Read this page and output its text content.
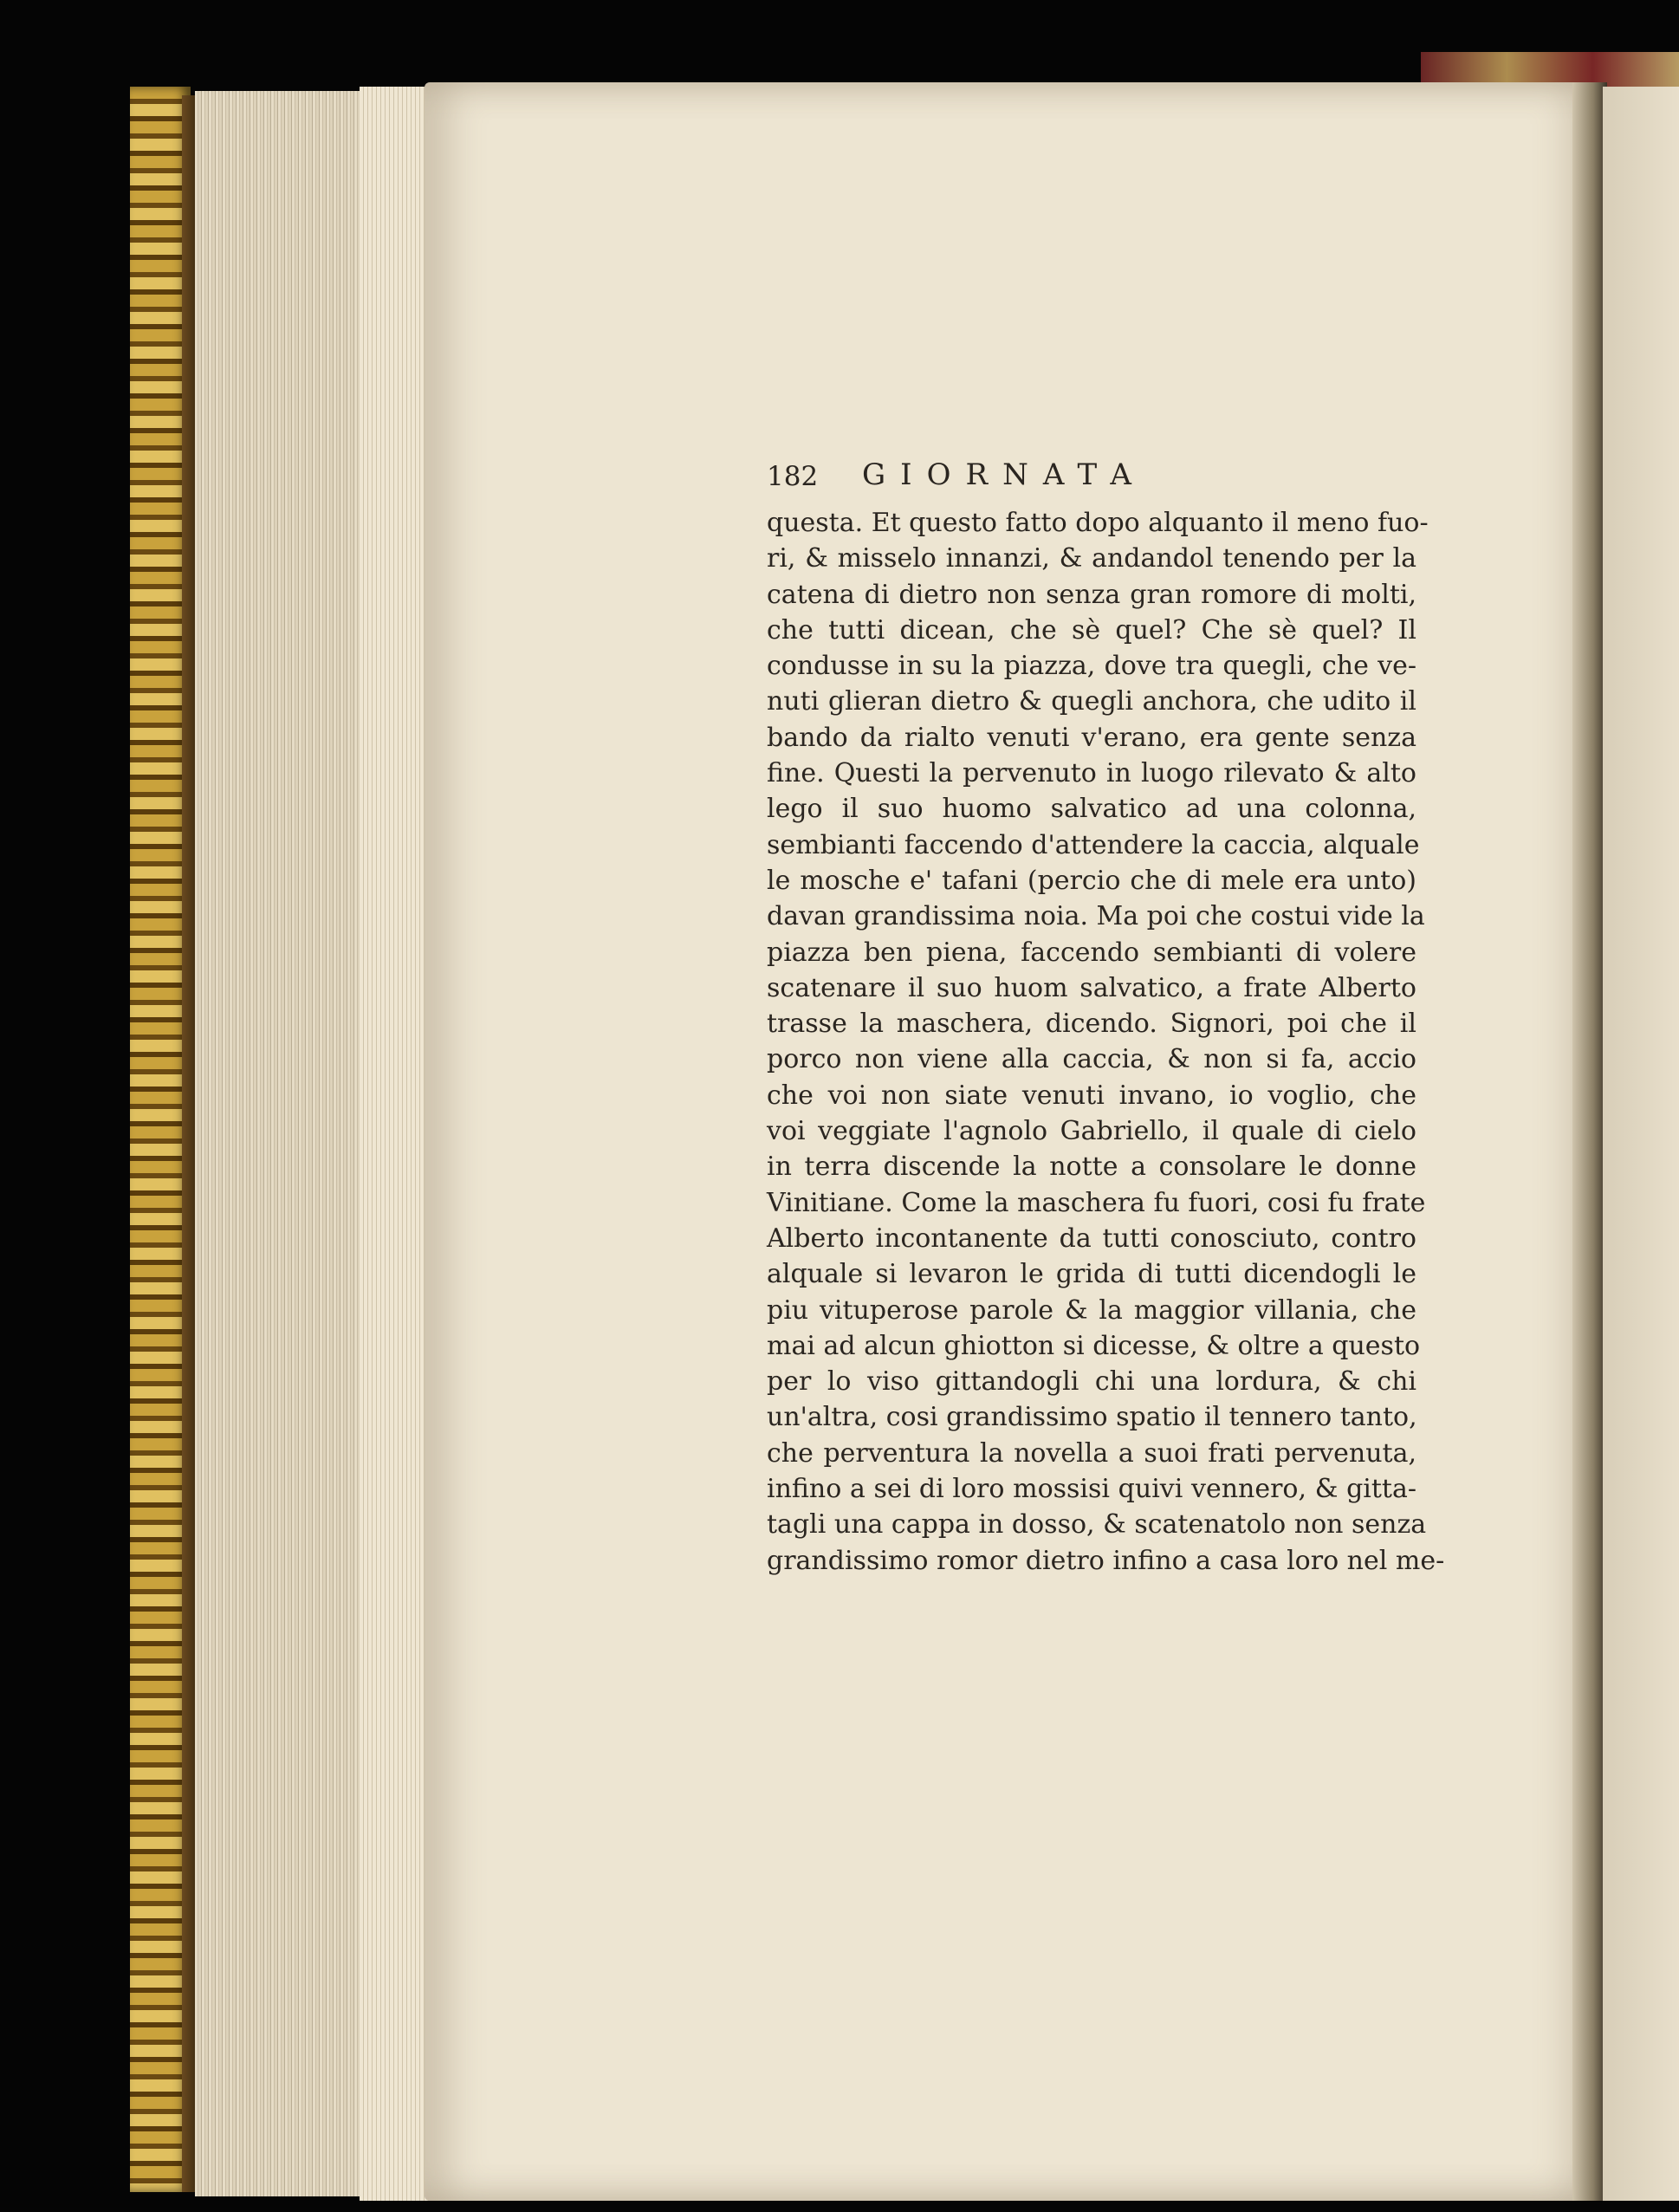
182 GIORNATA
questa. Et questo fatto dopo alquanto il meno fuo-
ri, & misselo innanzi, & andandol tenendo per la
catena di dietro non senza gran romore di molti,
che tutti dicean, che sè quel? Che sè quel? Il
condusse in su la piazza, dove tra quegli, che ve-
nuti glieran dietro & quegli anchora, che udito il
bando da rialto venuti v'erano, era gente senza
fine. Questi la pervenuto in luogo rilevato & alto
lego il suo huomo salvatico ad una colonna,
sembianti faccendo d'attendere la caccia, alquale
le mosche e' tafani (percio che di mele era unto)
davan grandissima noia. Ma poi che costui vide la
piazza ben piena, faccendo sembianti di volere
scatenare il suo huom salvatico, a frate Alberto
trasse la maschera, dicendo. Signori, poi che il
porco non viene alla caccia, & non si fa, accio
che voi non siate venuti invano, io voglio, che
voi veggiate l'agnolo Gabriello, il quale di cielo
in terra discende la notte a consolare le donne
Vinitiane. Come la maschera fu fuori, cosi fu frate
Alberto incontanente da tutti conosciuto, contro
alquale si levaron le grida di tutti dicendogli le
piu vituperose parole & la maggior villania, che
mai ad alcun ghiotton si dicesse, & oltre a questo
per lo viso gittandogli chi una lordura, & chi
un'altra, cosi grandissimo spatio il tennero tanto,
che perventura la novella a suoi frati pervenuta,
infino a sei di loro mossisi quivi vennero, & gitta-
tagli una cappa in dosso, & scatenatolo non senza
grandissimo romor dietro infino a casa loro nel me-
